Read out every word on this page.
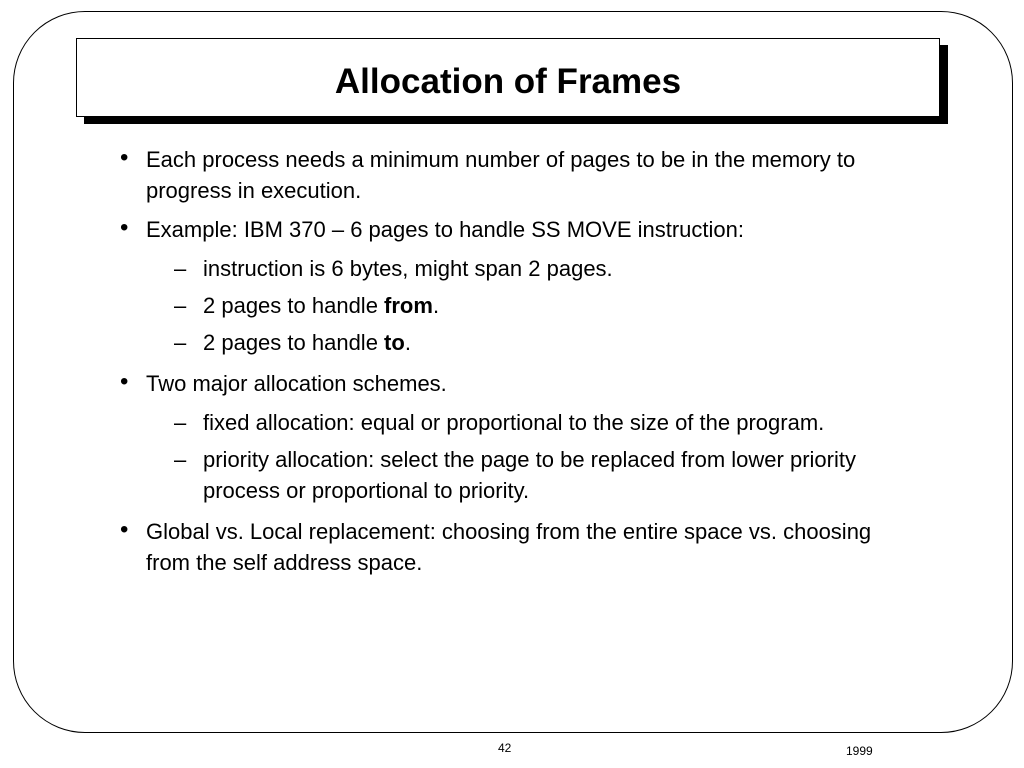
Allocation of Frames
• Each process needs a minimum number of pages to be in the memory to progress in execution.
• Example: IBM 370 – 6 pages to handle SS MOVE instruction:
– instruction is 6 bytes, might span 2 pages.
– 2 pages to handle from.
– 2 pages to handle to.
• Two major allocation schemes.
– fixed allocation: equal or proportional to the size of the program.
– priority allocation: select the page to be replaced from lower priority process or proportional to priority.
• Global vs. Local replacement: choosing from the entire space vs. choosing from the self address space.
42	1999
